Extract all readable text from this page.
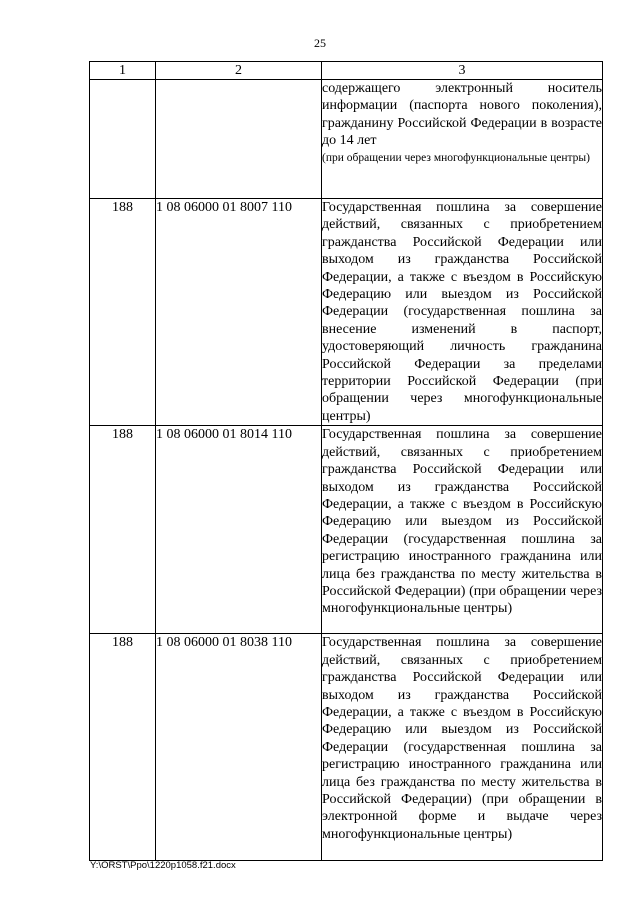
25
1	2	3

		содержащего электронный носитель информации (паспорта нового поколения), гражданину Российской Федерации в возрасте до 14 лет
(при обращении через многофункциональные центры)

188	1 08 06000 01 8007 110	Государственная пошлина за совершение действий, связанных с приобретением гражданства Российской Федерации или выходом из гражданства Российской Федерации, а также с въездом в Российскую Федерацию или выездом из Российской Федерации (государственная пошлина за внесение изменений в паспорт, удостоверяющий личность гражданина Российской Федерации за пределами территории Российской Федерации (при обращении через многофункциональные центры)

188	1 08 06000 01 8014 110	Государственная пошлина за совершение действий, связанных с приобретением гражданства Российской Федерации или выходом из гражданства Российской Федерации, а также с въездом в Российскую Федерацию или выездом из Российской Федерации (государственная пошлина за регистрацию иностранного гражданина или лица без гражданства по месту жительства в Российской Федерации) (при обращении через многофункциональные центры)

188	1 08 06000 01 8038 110	Государственная пошлина за совершение действий, связанных с приобретением гражданства Российской Федерации или выходом из гражданства Российской Федерации, а также с въездом в Российскую Федерацию или выездом из Российской Федерации (государственная пошлина за регистрацию иностранного гражданина или лица без гражданства по месту жительства в Российской Федерации) (при обращении в электронной форме и выдаче через многофункциональные центры)
Y:\ORST\Ppo\1220p1058.f21.docx
